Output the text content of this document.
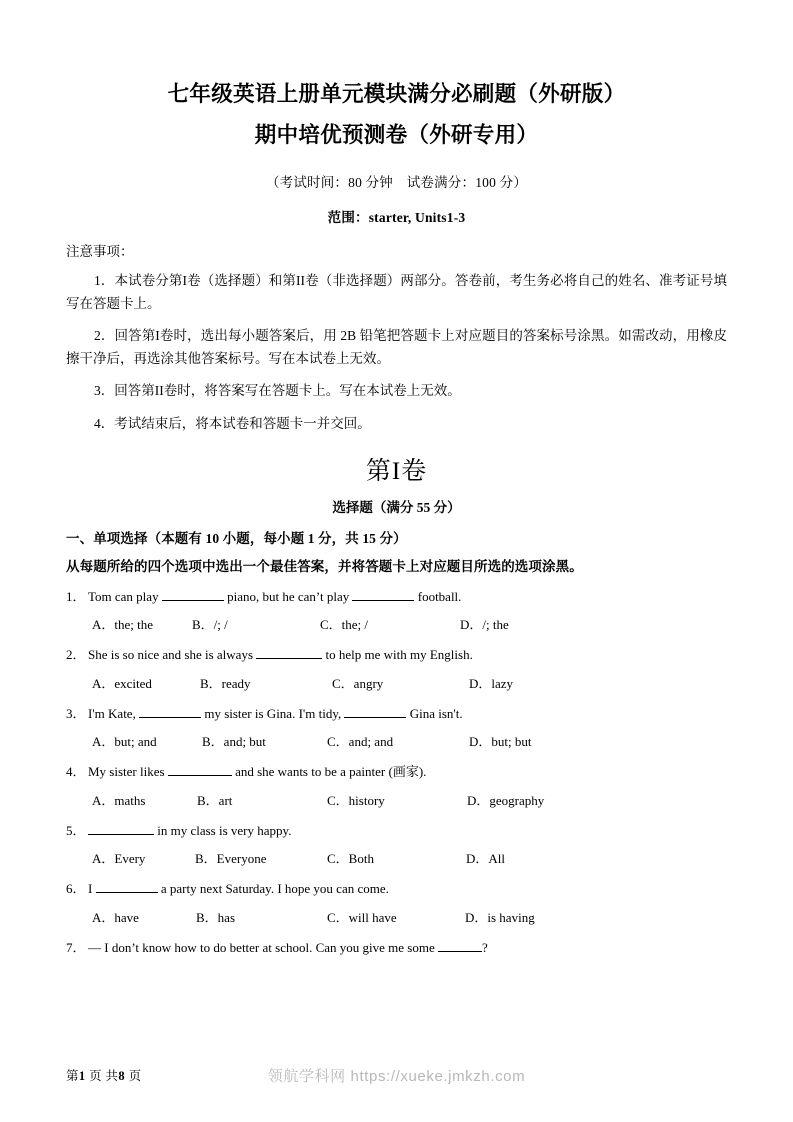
七年级英语上册单元模块满分必刷题（外研版）
期中培优预测卷（外研专用）
（考试时间：80 分钟　试卷满分：100 分）
范围：starter, Units1-3
注意事项：
1．本试卷分第I卷（选择题）和第II卷（非选择题）两部分。答卷前，考生务必将自己的姓名、准考证号填写在答题卡上。
2．回答第I卷时，选出每小题答案后，用 2B 铅笔把答题卡上对应题目的答案标号涂黑。如需改动，用橡皮擦干净后，再选涂其他答案标号。写在本试卷上无效。
3．回答第II卷时，将答案写在答题卡上。写在本试卷上无效。
4．考试结束后，将本试卷和答题卡一并交回。
第I卷
选择题（满分 55 分）
一、单项选择（本题有 10 小题，每小题 1 分，共 15 分）
从每题所给的四个选项中选出一个最佳答案，并将答题卡上对应题目所选的选项涂黑。
1． Tom can play	piano, but he can’t play	football.
A．the; the	B．/; /	C．the; /	D．/; the
2． She is so nice and she is always	to help me with my English.
A．excited	B．ready	C．angry	D．lazy
3． I'm Kate,	my sister is Gina. I'm tidy,	Gina isn't.
A．but; and	B．and; but	C．and; and	D．but; but
4． My sister likes	and she wants to be a painter (画家).
A．maths	B．art	C．history	D．geography
5．	in my class is very happy.
A．Every	B．Everyone	C．Both	D．All
6． I	a party next Saturday. I hope you can come.
A．have	B．has	C．will have	D．is having
7． — I don’t know how to do better at school. Can you give me some	?
第1 页 共8 页	领航学科网 https://xueke.jmkzh.com
